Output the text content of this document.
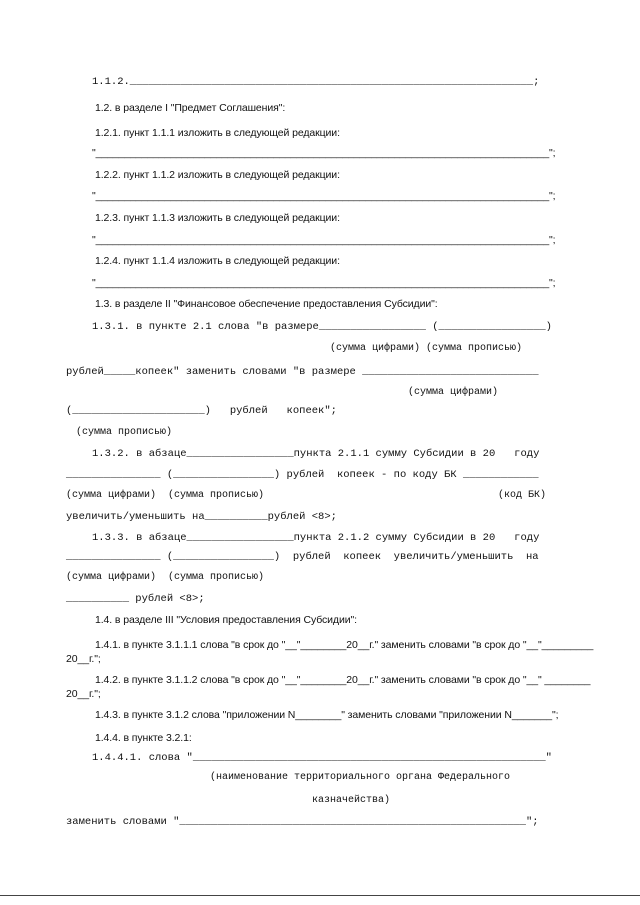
1.1.2.________________________________________________________________;
1.2. в разделе I "Предмет Соглашения":
1.2.1. пункт 1.1.1 изложить в следующей редакции:
"_______________________________________________________________________________";
1.2.2. пункт 1.1.2 изложить в следующей редакции:
"_______________________________________________________________________________";
1.2.3. пункт 1.1.3 изложить в следующей редакции:
"_______________________________________________________________________________";
1.2.4. пункт 1.1.4 изложить в следующей редакции:
"_______________________________________________________________________________";
1.3. в разделе II "Финансовое обеспечение предоставления Субсидии":
1.3.1. в пункте 2.1 слова "в размере_________________ (_________________)
(сумма цифрами) (сумма прописью)
рублей_____копеек" заменить словами "в размере ____________________________
(сумма цифрами)
(_____________________)   рублей   копеек";
(сумма прописью)
1.3.2. в абзаце_________________пункта 2.1.1 сумму Субсидии в 20   году
_______________ (________________) рублей  копеек - по коду БК ____________
(сумма цифрами)  (сумма прописью)	(код БК)
увеличить/уменьшить на__________рублей <8>;
1.3.3. в абзаце_________________пункта 2.1.2 сумму Субсидии в 20   году
_______________ (________________)  рублей  копеек  увеличить/уменьшить  на
(сумма цифрами)  (сумма прописью)
__________ рублей <8>;
1.4. в разделе III "Условия предоставления Субсидии":
1.4.1. в пункте 3.1.1.1 слова "в срок до "__"________20__г." заменить словами "в срок до "__"_________
20__г.";
1.4.2. в пункте 3.1.1.2 слова "в срок до "__"________20__г." заменить словами "в срок до "__" ________
20__г.";
1.4.3. в пункте 3.1.2 слова "приложении N________" заменить словами "приложении N_______";
1.4.4. в пункте 3.2.1:
1.4.4.1. слова "________________________________________________________"
(наименование территориального органа Федерального
казначейства)
заменить словами "_______________________________________________________";
